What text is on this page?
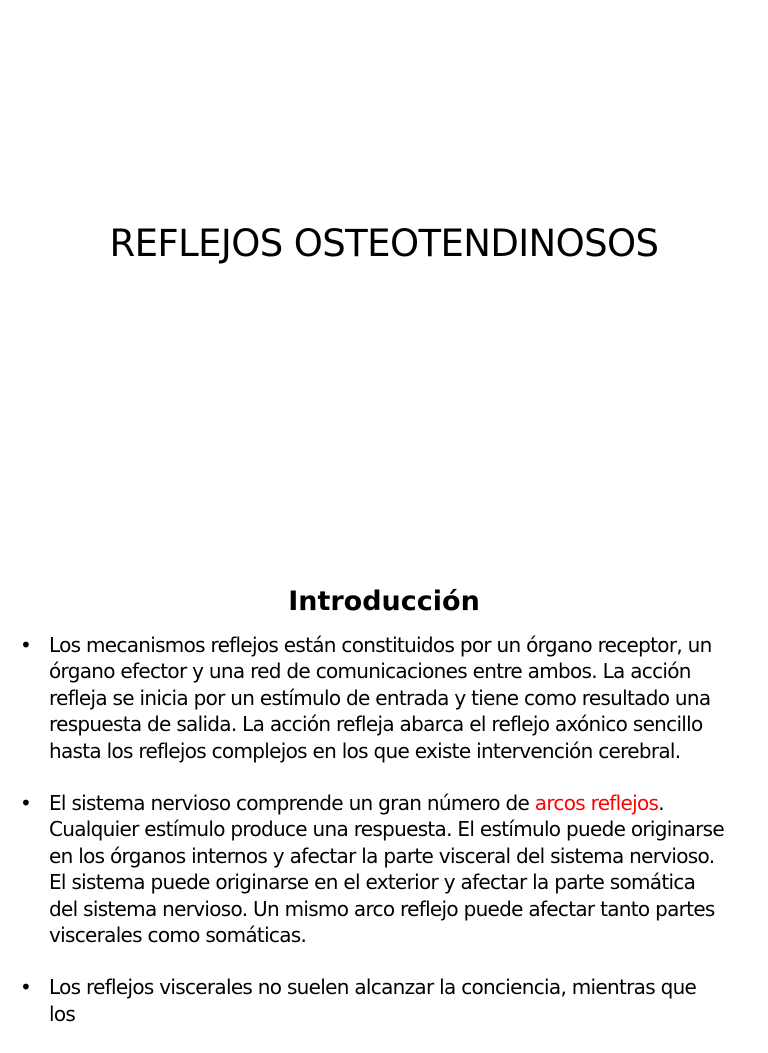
REFLEJOS OSTEOTENDINOSOS
Introducción
• Los mecanismos reflejos están constituidos por un órgano receptor, un órgano efector y una red de comunicaciones entre ambos. La acción refleja se inicia por un estímulo de entrada y tiene como resultado una respuesta de salida. La acción refleja abarca el reflejo axónico sencillo hasta los reflejos complejos en los que existe intervención cerebral.
• El sistema nervioso comprende un gran número de arcos reflejos. Cualquier estímulo produce una respuesta. El estímulo puede originarse en los órganos internos y afectar la parte visceral del sistema nervioso. El sistema puede originarse en el exterior y afectar la parte somática del sistema nervioso. Un mismo arco reflejo puede afectar tanto partes viscerales como somáticas.
• Los reflejos viscerales no suelen alcanzar la conciencia, mientras que los
